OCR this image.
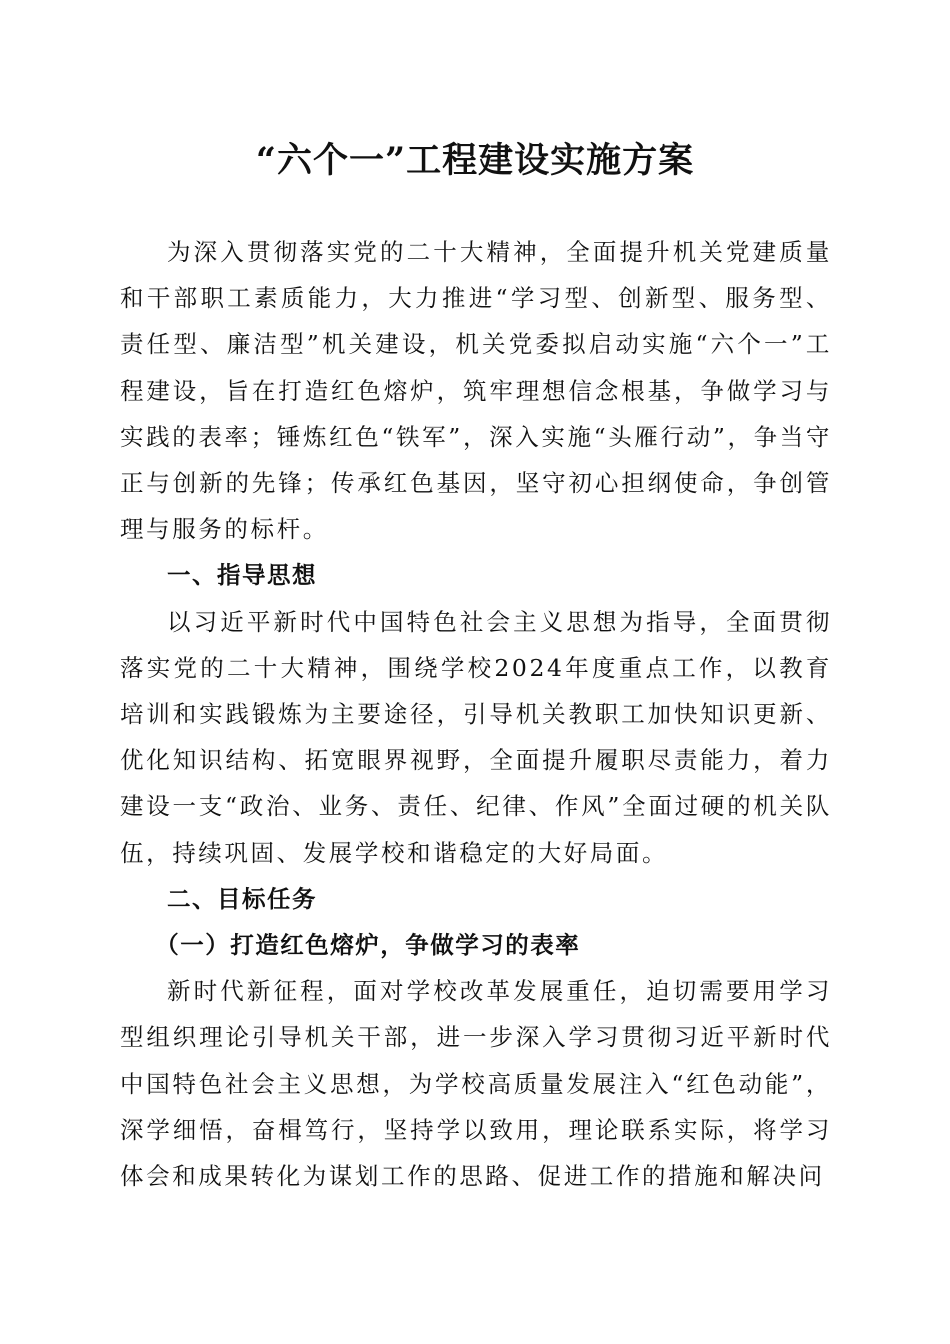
“六个一”工程建设实施方案

为深入贯彻落实党的二十大精神，全面提升机关党建质量和干部职工素质能力，大力推进“学习型、创新型、服务型、责任型、廉洁型”机关建设，机关党委拟启动实施“六个一”工程建设，旨在打造红色熔炉，筑牢理想信念根基，争做学习与实践的表率；锤炼红色“铁军”，深入实施“头雁行动”，争当守正与创新的先锋；传承红色基因，坚守初心担纲使命，争创管理与服务的标杆。

一、指导思想

以习近平新时代中国特色社会主义思想为指导，全面贯彻落实党的二十大精神，围绕学校2024年度重点工作，以教育培训和实践锻炼为主要途径，引导机关教职工加快知识更新、优化知识结构、拓宽眼界视野，全面提升履职尽责能力，着力建设一支“政治、业务、责任、纪律、作风”全面过硬的机关队伍，持续巩固、发展学校和谐稳定的大好局面。

二、目标任务
（一）打造红色熔炉，争做学习的表率

新时代新征程，面对学校改革发展重任，迫切需要用学习型组织理论引导机关干部，进一步深入学习贯彻习近平新时代中国特色社会主义思想，为学校高质量发展注入“红色动能”，深学细悟，奋楫笃行，坚持学以致用，理论联系实际，将学习体会和成果转化为谋划工作的思路、促进工作的措施和解决问
